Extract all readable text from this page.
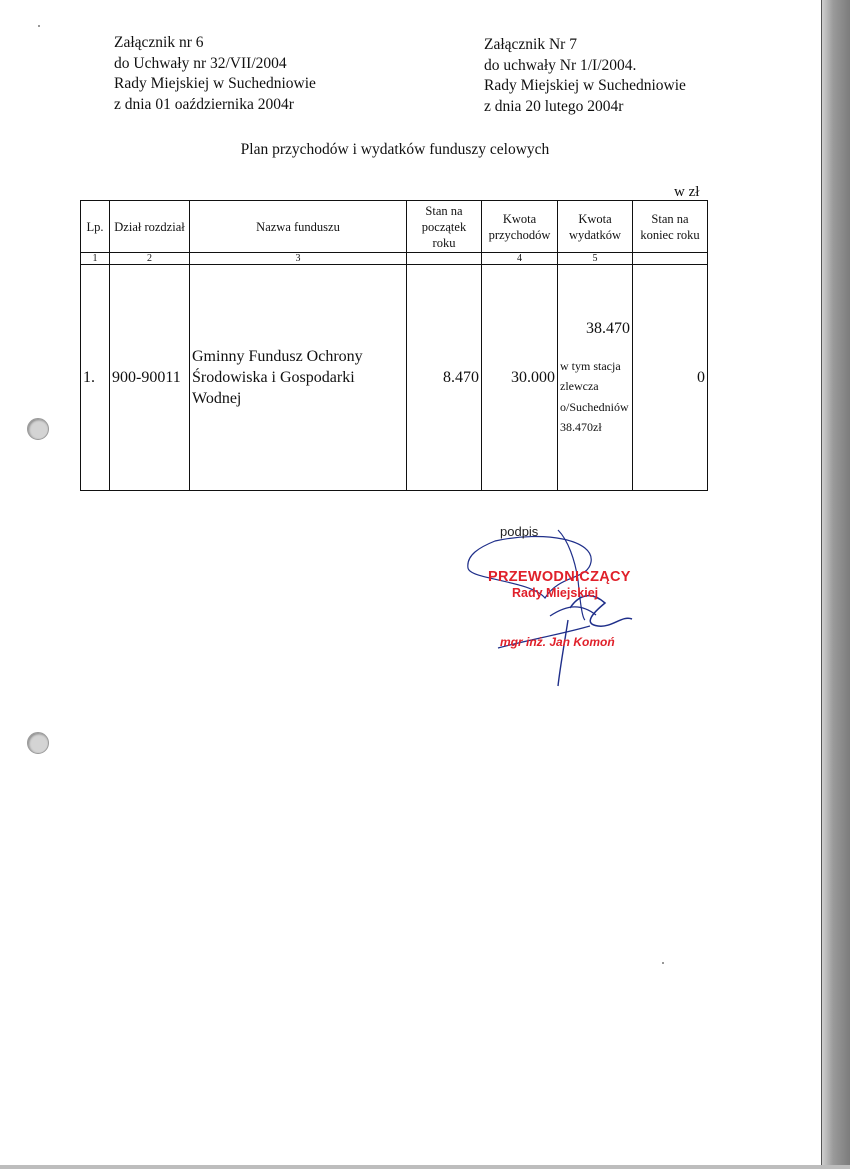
Załącznik nr 6
do Uchwały nr 32/VII/2004
Rady Miejskiej w Suchedniowie
z dnia 01 oaździernika 2004r
Załącznik Nr 7
do uchwały Nr 1/I/2004.
Rady Miejskiej w Suchedniowie
z dnia 20 lutego 2004r
Plan przychodów i wydatków funduszy celowych
w zł
Lp.	Dział rozdział	Nazwa funduszu	Stan na początek roku	Kwota przychodów	Kwota wydatków	Stan na koniec roku
1	2	3		4	5	
1.	900-90011	Gminny Fundusz Ochrony Środowiska i Gospodarki Wodnej	8.470	30.000	38.470
w tym stacja
zlewcza
o/Suchedniów
38.470zł	0
podpis
PRZEWODNICZĄCY
Rady Miejskiej
mgr inż. Jan Komoń
